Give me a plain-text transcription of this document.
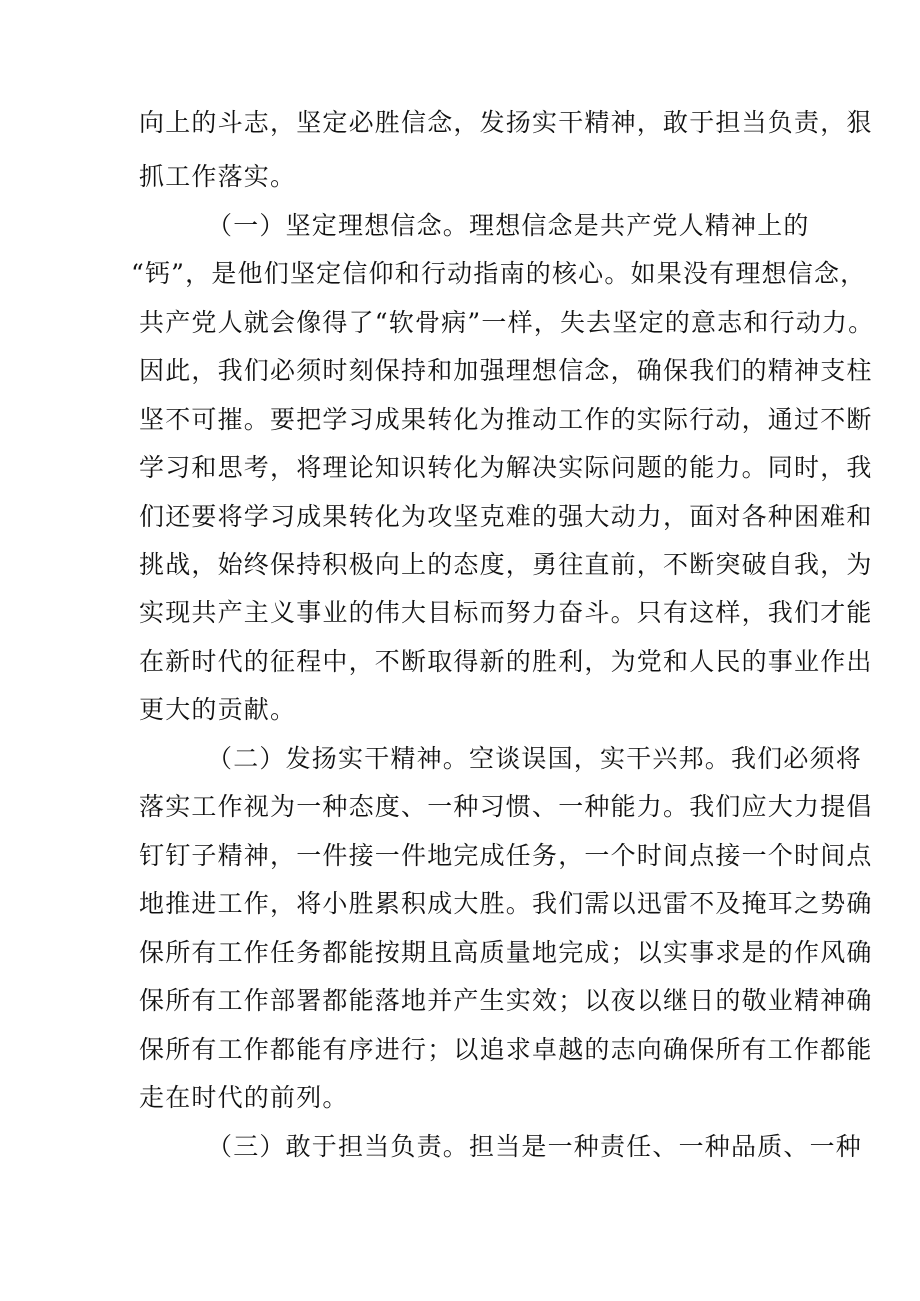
向上的斗志，坚定必胜信念，发扬实干精神，敢于担当负责，狠
抓工作落实。
（一）坚定理想信念。理想信念是共产党人精神上的
“钙”，是他们坚定信仰和行动指南的核心。如果没有理想信念，
共产党人就会像得了“软骨病”一样，失去坚定的意志和行动力。
因此，我们必须时刻保持和加强理想信念，确保我们的精神支柱
坚不可摧。要把学习成果转化为推动工作的实际行动，通过不断
学习和思考，将理论知识转化为解决实际问题的能力。同时，我
们还要将学习成果转化为攻坚克难的强大动力，面对各种困难和
挑战，始终保持积极向上的态度，勇往直前，不断突破自我，为
实现共产主义事业的伟大目标而努力奋斗。只有这样，我们才能
在新时代的征程中，不断取得新的胜利，为党和人民的事业作出
更大的贡献。
（二）发扬实干精神。空谈误国，实干兴邦。我们必须将
落实工作视为一种态度、一种习惯、一种能力。我们应大力提倡
钉钉子精神，一件接一件地完成任务，一个时间点接一个时间点
地推进工作，将小胜累积成大胜。我们需以迅雷不及掩耳之势确
保所有工作任务都能按期且高质量地完成；以实事求是的作风确
保所有工作部署都能落地并产生实效；以夜以继日的敬业精神确
保所有工作都能有序进行；以追求卓越的志向确保所有工作都能
走在时代的前列。
（三）敢于担当负责。担当是一种责任、一种品质、一种
